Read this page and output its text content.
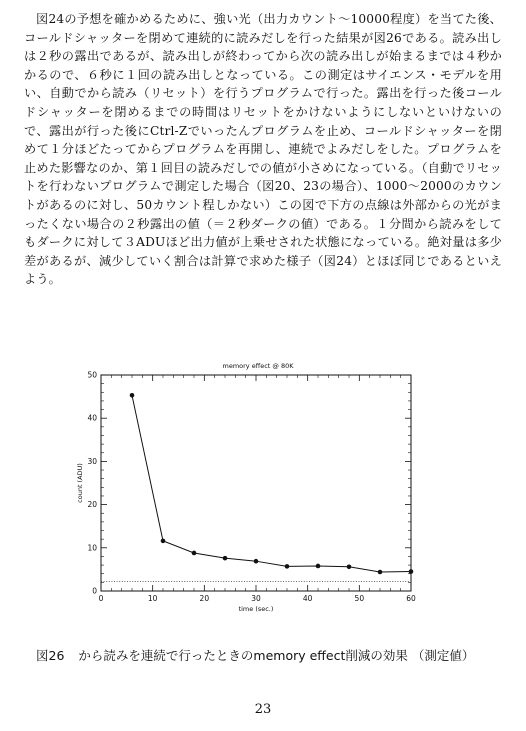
図24の予想を確かめるために、強い光（出力カウント〜10000程度）を当てた後、コールドシャッターを閉めて連続的に読みだしを行った結果が図26である。読み出しは２秒の露出であるが、読み出しが終わってから次の読み出しが始まるまでは４秒かかるので、６秒に１回の読み出しとなっている。この測定はサイエンス・モデルを用い、自動でから読み（リセット）を行うプログラムで行った。露出を行った後コールドシャッターを閉めるまでの時間はリセットをかけないようにしないといけないので、露出が行った後にCtrl-Zでいったんプログラムを止め、コールドシャッターを閉めて１分ほどたってからプログラムを再開し、連続でよみだしをした。プログラムを止めた影響なのか、第１回目の読みだしでの値が小さめになっている。（自動でリセットを行わないプログラムで測定した場合（図20、23の場合）、1000〜2000のカウントがあるのに対し、50カウント程しかない）この図で下方の点線は外部からの光がまったくない場合の２秒露出の値（＝２秒ダークの値）である。１分間から読みをしてもダークに対して３ADUほど出力値が上乗せされた状態になっている。絶対量は多少差があるが、減少していく割合は計算で求めた様子（図24）とほぼ同じであるといえよう。

memory effect @ 80K
0	10	20	30	40	50	60
0
10
20
30
40
50
time (sec.)
count (ADU)

図26 から読みを連続で行ったときのmemory effect削減の効果 （測定値）

23
